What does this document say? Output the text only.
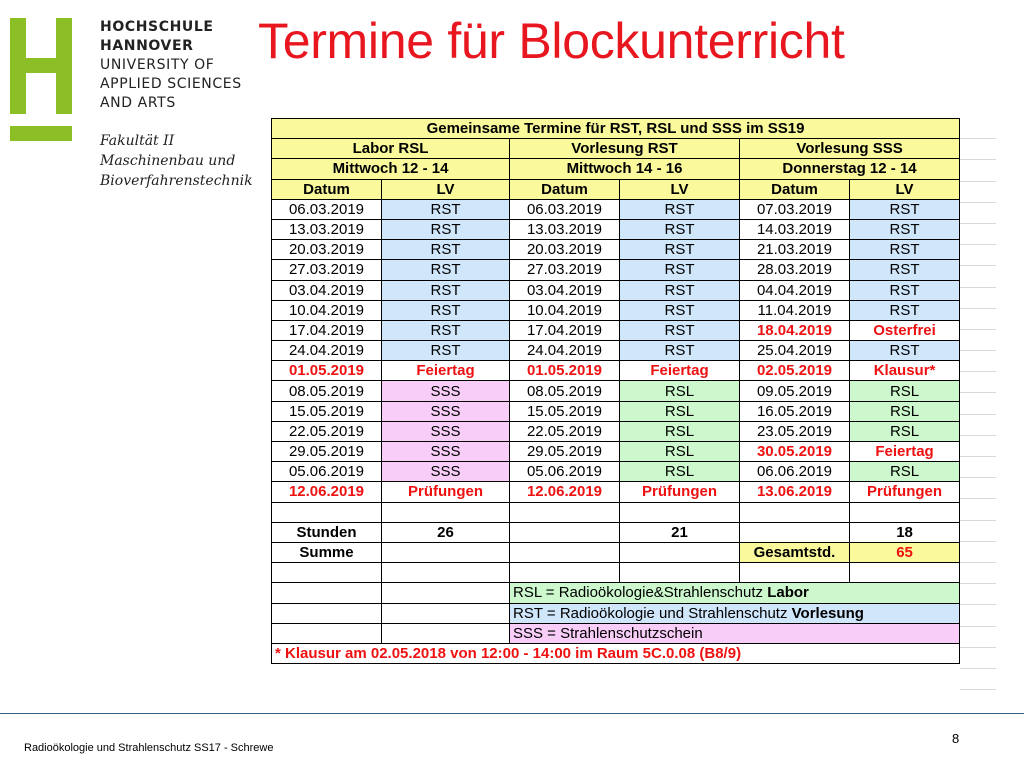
HOCHSCHULE
HANNOVER
UNIVERSITY OF
APPLIED SCIENCES
AND ARTS
Fakultät II
Maschinenbau und
Bioverfahrenstechnik
Termine für Blockunterricht
Gemeinsame Termine für RST, RSL und SSS im SS19					
Labor RSL		Vorlesung RST		Vorlesung SSS	
Mittwoch 12 - 14		Mittwoch 14 - 16		Donnerstag 12 - 14	
Datum	LV	Datum	LV	Datum	LV
06.03.2019	RST	06.03.2019	RST	07.03.2019	RST
13.03.2019	RST	13.03.2019	RST	14.03.2019	RST
20.03.2019	RST	20.03.2019	RST	21.03.2019	RST
27.03.2019	RST	27.03.2019	RST	28.03.2019	RST
03.04.2019	RST	03.04.2019	RST	04.04.2019	RST
10.04.2019	RST	10.04.2019	RST	11.04.2019	RST
17.04.2019	RST	17.04.2019	RST	18.04.2019	Osterfrei
24.04.2019	RST	24.04.2019	RST	25.04.2019	RST
01.05.2019	Feiertag	01.05.2019	Feiertag	02.05.2019	Klausur*
08.05.2019	SSS	08.05.2019	RSL	09.05.2019	RSL
15.05.2019	SSS	15.05.2019	RSL	16.05.2019	RSL
22.05.2019	SSS	22.05.2019	RSL	23.05.2019	RSL
29.05.2019	SSS	29.05.2019	RSL	30.05.2019	Feiertag
05.06.2019	SSS	05.06.2019	RSL	06.06.2019	RSL
12.06.2019	Prüfungen	12.06.2019	Prüfungen	13.06.2019	Prüfungen

Stunden	26		21		18
Summe				Gesamtstd.	65

		RSL = Radioökologie&Strahlenschutz Labor			
		RST = Radioökologie und Strahlenschutz Vorlesung			
		SSS = Strahlenschutzschein			
* Klausur am 02.05.2018 von 12:00 - 14:00 im Raum 5C.0.08 (B8/9)					
Radioökologie und Strahlenschutz SS17 - Schrewe
8
